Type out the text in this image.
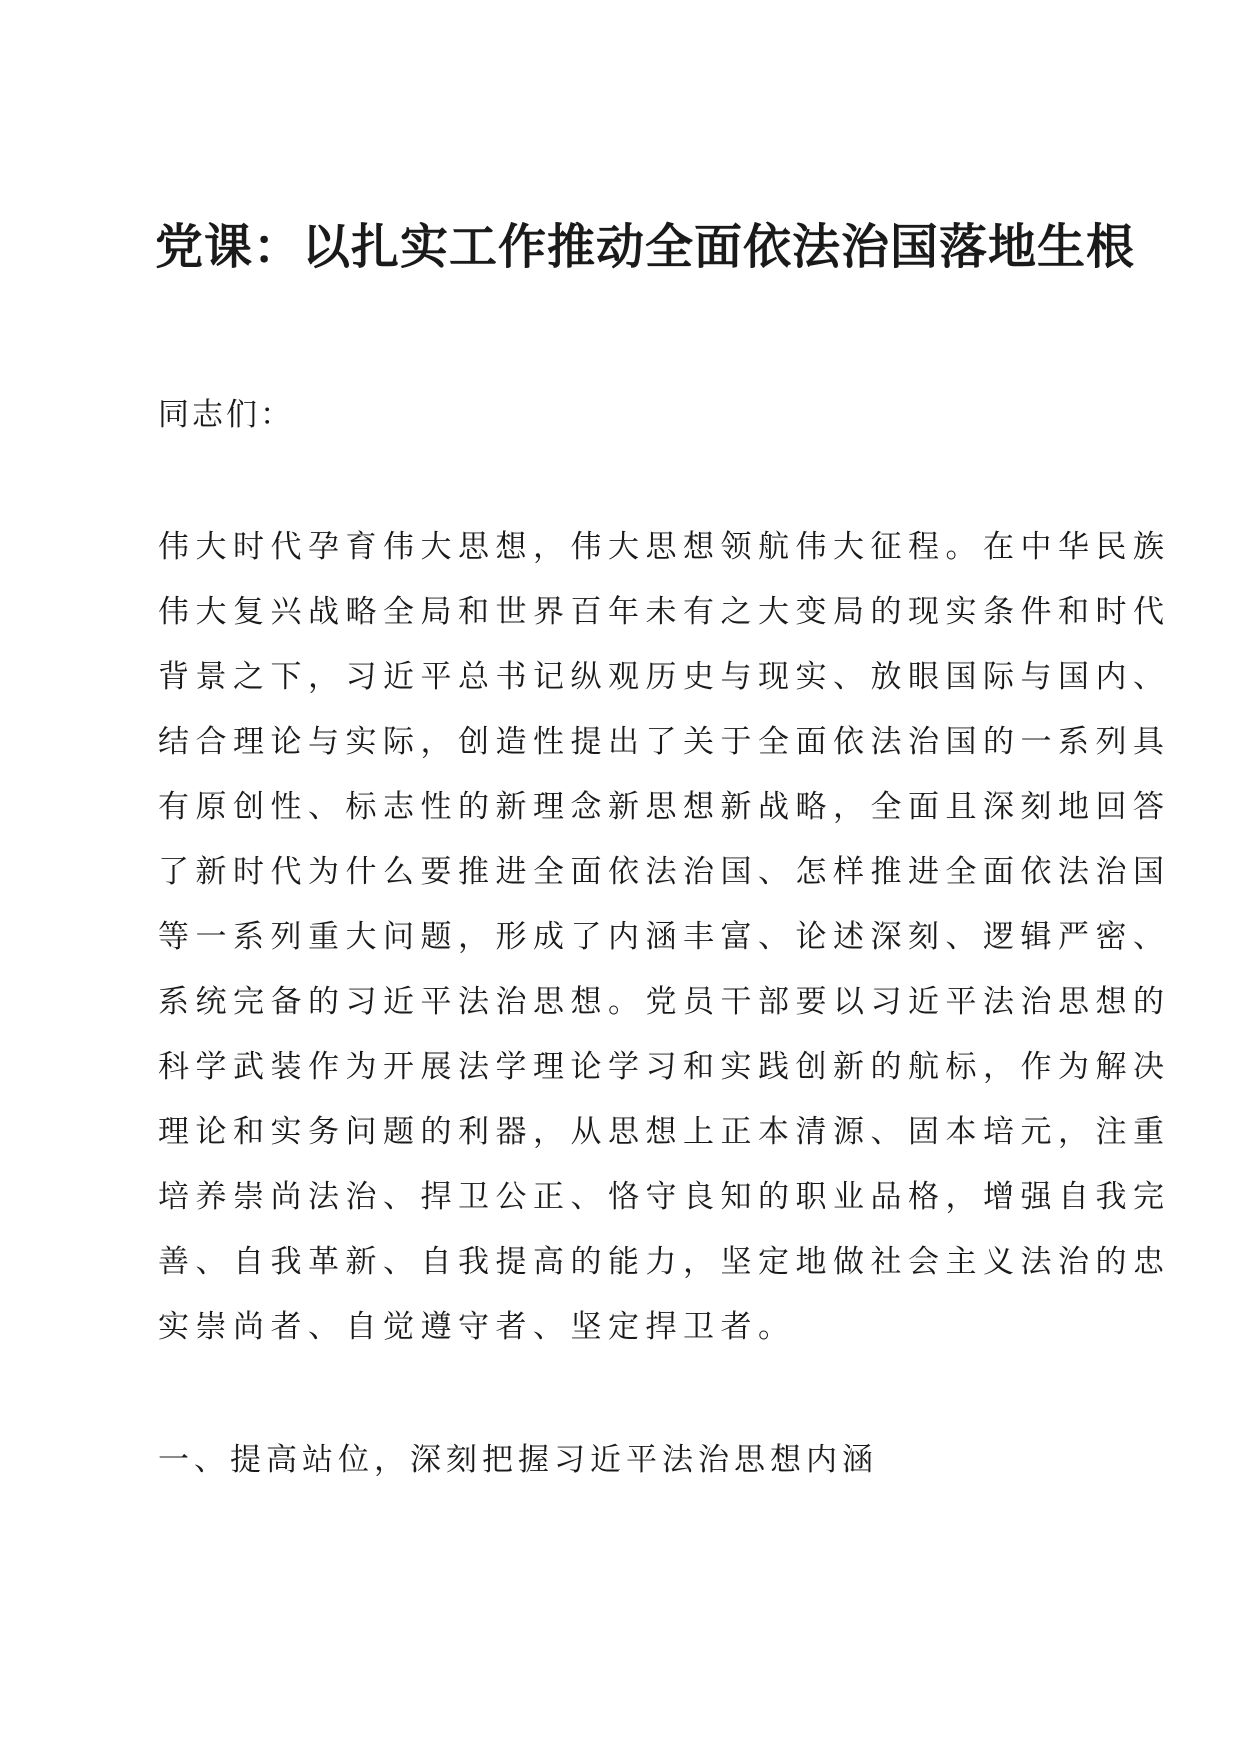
党课：以扎实工作推动全面依法治国落地生根

同志们：

伟大时代孕育伟大思想，伟大思想领航伟大征程。在中华民族
伟大复兴战略全局和世界百年未有之大变局的现实条件和时代
背景之下，习近平总书记纵观历史与现实、放眼国际与国内、
结合理论与实际，创造性提出了关于全面依法治国的一系列具
有原创性、标志性的新理念新思想新战略，全面且深刻地回答
了新时代为什么要推进全面依法治国、怎样推进全面依法治国
等一系列重大问题，形成了内涵丰富、论述深刻、逻辑严密、
系统完备的习近平法治思想。党员干部要以习近平法治思想的
科学武装作为开展法学理论学习和实践创新的航标，作为解决
理论和实务问题的利器，从思想上正本清源、固本培元，注重
培养崇尚法治、捍卫公正、恪守良知的职业品格，增强自我完
善、自我革新、自我提高的能力，坚定地做社会主义法治的忠
实崇尚者、自觉遵守者、坚定捍卫者。
一、提高站位，深刻把握习近平法治思想内涵
